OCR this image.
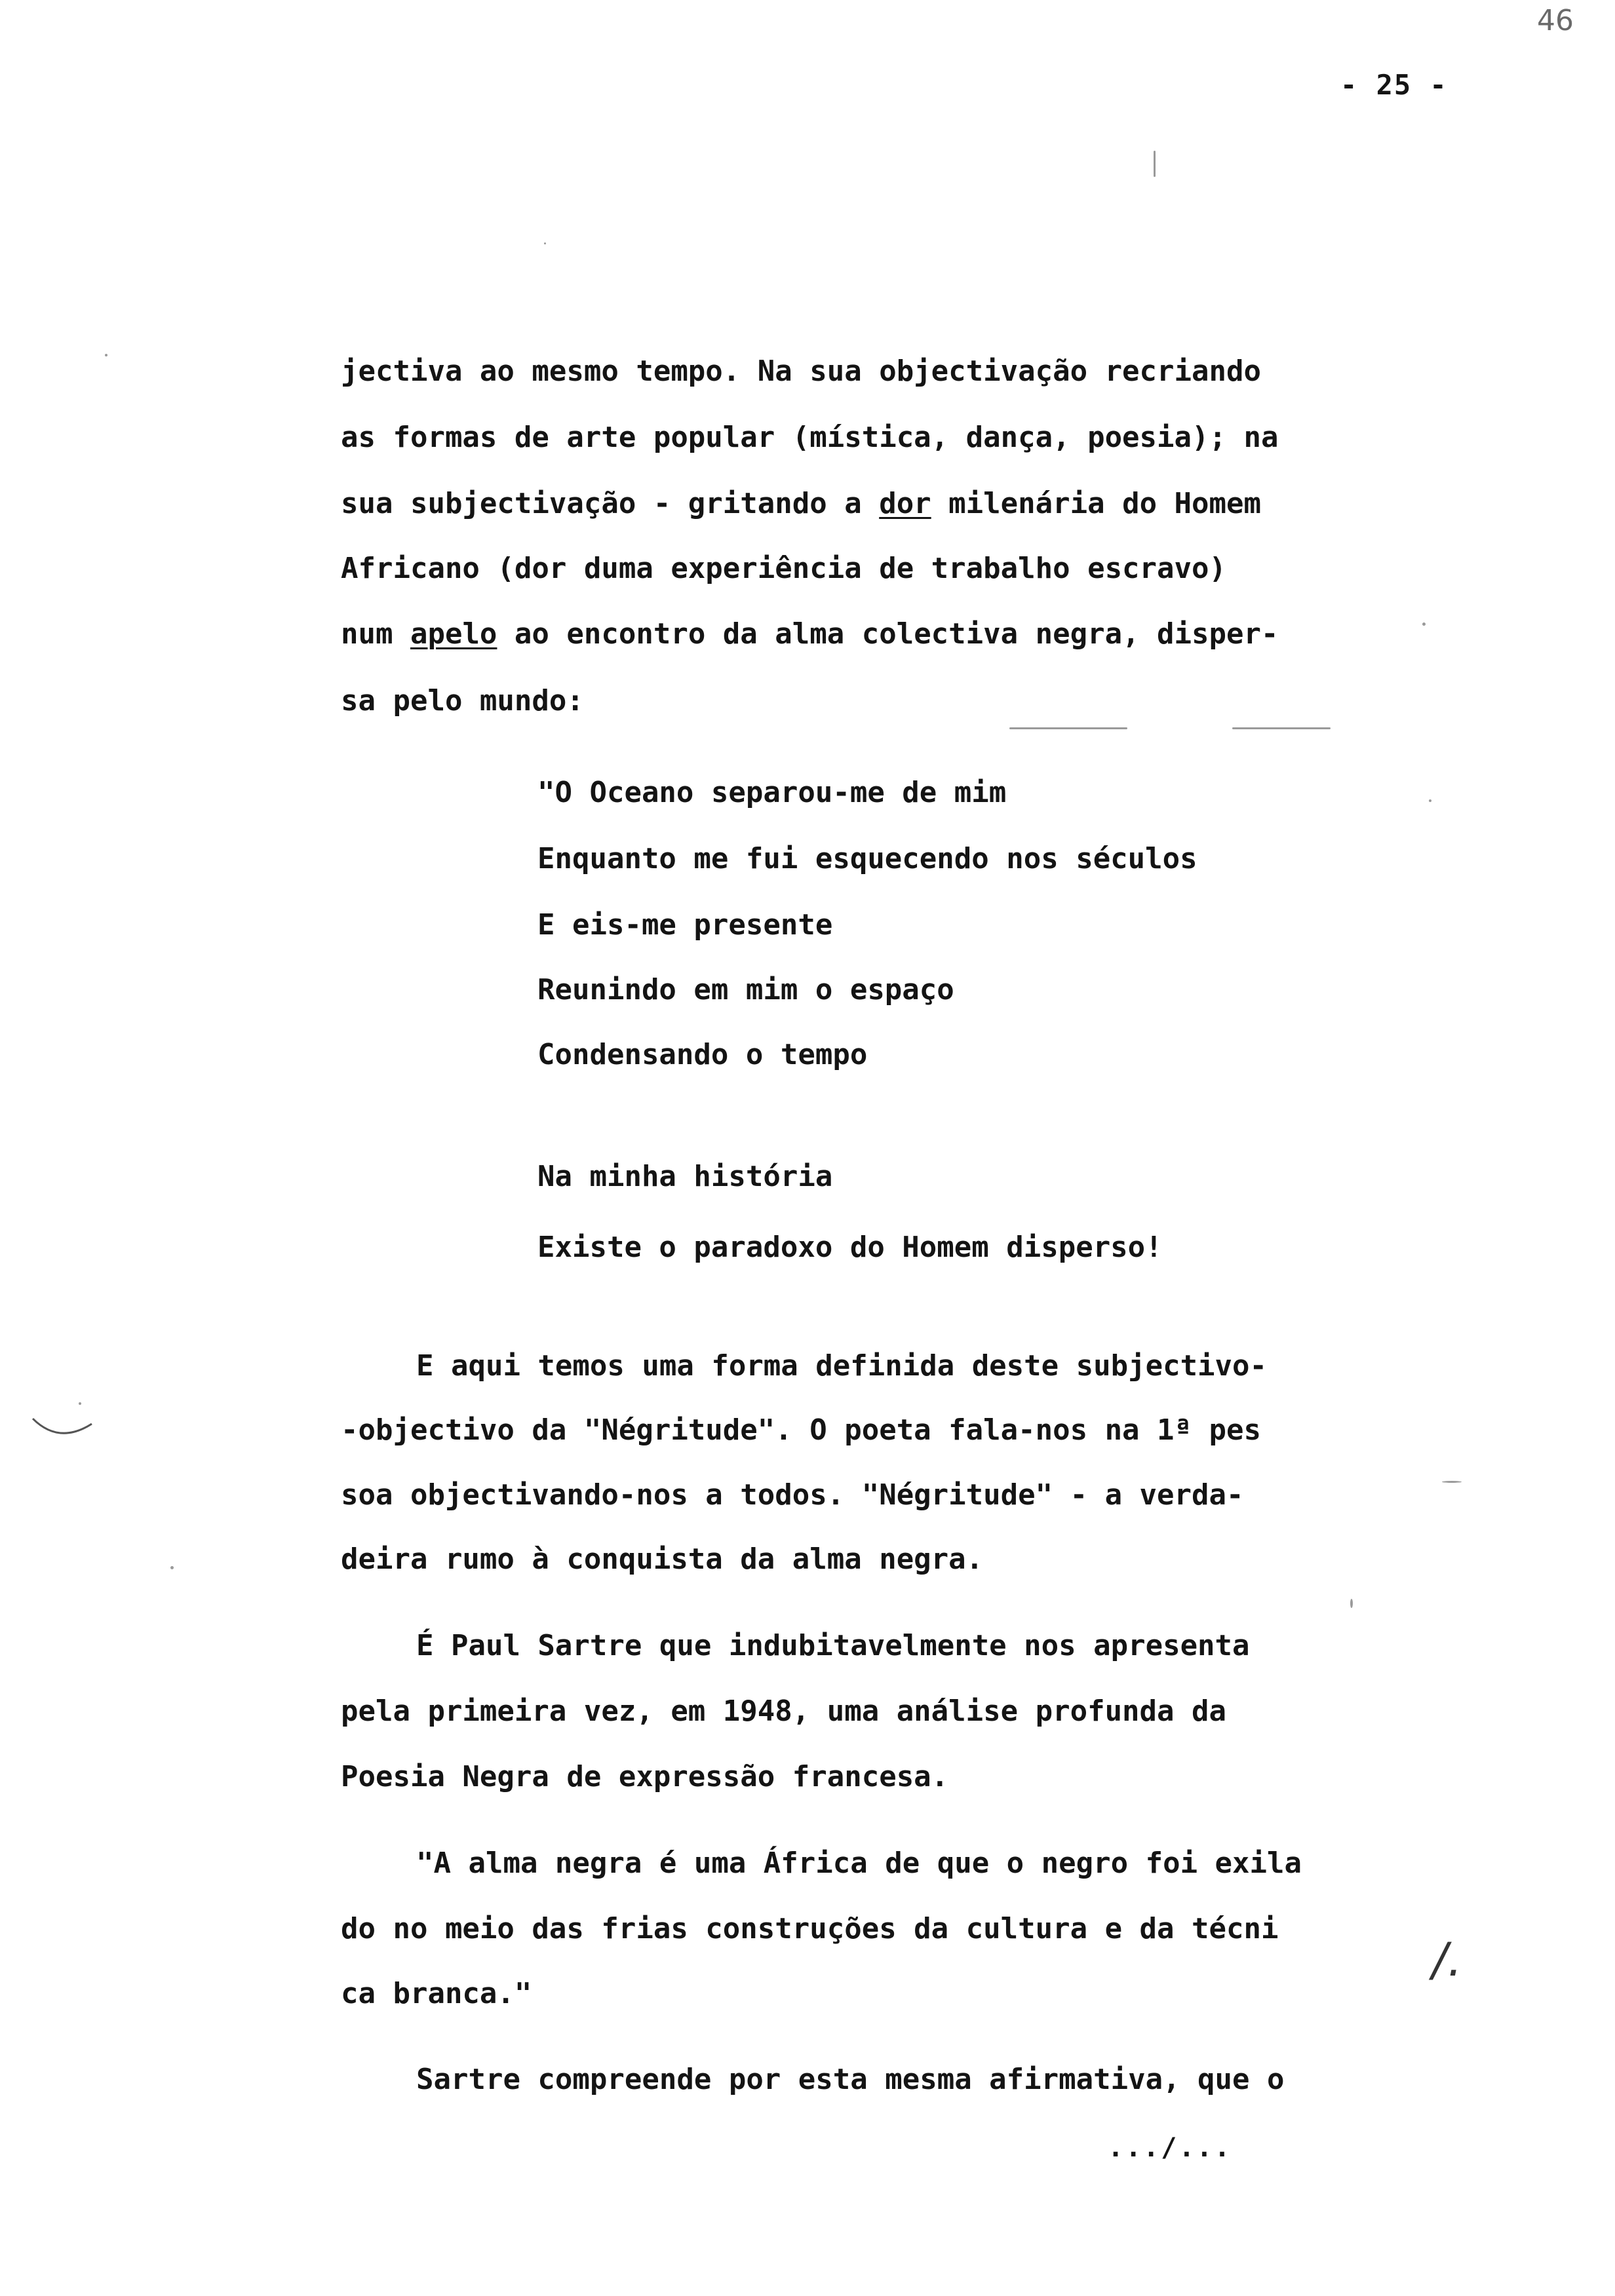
46
- 25 -
jectiva ao mesmo tempo. Na sua objectivação recriando
as formas de arte popular (mística, dança, poesia); na
sua subjectivação - gritando a dor milenária do Homem
Africano (dor duma experiência de trabalho escravo)
num apelo ao encontro da alma colectiva negra, disper-
sa pelo mundo:
"O Oceano separou-me de mim
Enquanto me fui esquecendo nos séculos
E eis-me presente
Reunindo em mim o espaço
Condensando o tempo
Na minha história
Existe o paradoxo do Homem disperso!
E aqui temos uma forma definida deste subjectivo-
-objectivo da "Négritude". O poeta fala-nos na 1ª pes
soa objectivando-nos a todos. "Négritude" - a verda-
deira rumo à conquista da alma negra.
É Paul Sartre que indubitavelmente nos apresenta
pela primeira vez, em 1948, uma análise profunda da
Poesia Negra de expressão francesa.
"A alma negra é uma África de que o negro foi exila
do no meio das frias construções da cultura e da técni
ca branca."
Sartre compreende por esta mesma afirmativa, que o
.../...
/.
